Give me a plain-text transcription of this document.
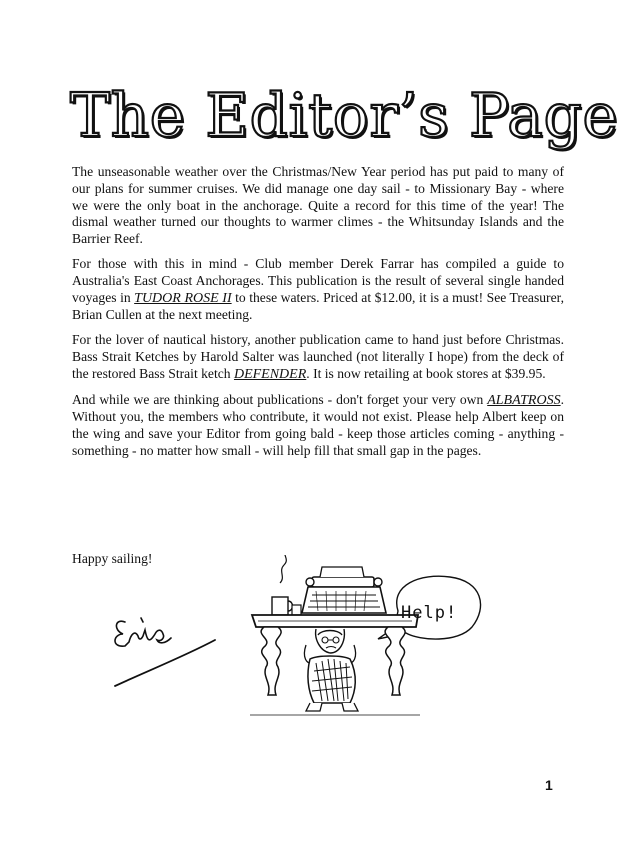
The Editor’s Page

The unseasonable weather over the Christmas/New Year period has put paid to many of our plans for summer cruises. We did manage one day sail - to Missionary Bay - where we were the only boat in the anchorage. Quite a record for this time of the year! The dismal weather turned our thoughts to warmer climes - the Whitsunday Islands and the Barrier Reef.

For those with this in mind - Club member Derek Farrar has compiled a guide to Australia's East Coast Anchorages. This publication is the result of several single handed voyages in TUDOR ROSE II to these waters. Priced at $12.00, it is a must! See Treasurer, Brian Cullen at the next meeting.

For the lover of nautical history, another publication came to hand just before Christmas. Bass Strait Ketches by Harold Salter was launched (not literally I hope) from the deck of the restored Bass Strait ketch DEFENDER. It is now retailing at book stores at $39.95.

And while we are thinking about publications - don't forget your very own ALBATROSS. Without you, the members who contribute, it would not exist. Please help Albert keep on the wing and save your Editor from going bald - keep those articles coming - anything - something - no matter how small - will help fill that small gap in the pages.

Happy sailing!
Help!
1
